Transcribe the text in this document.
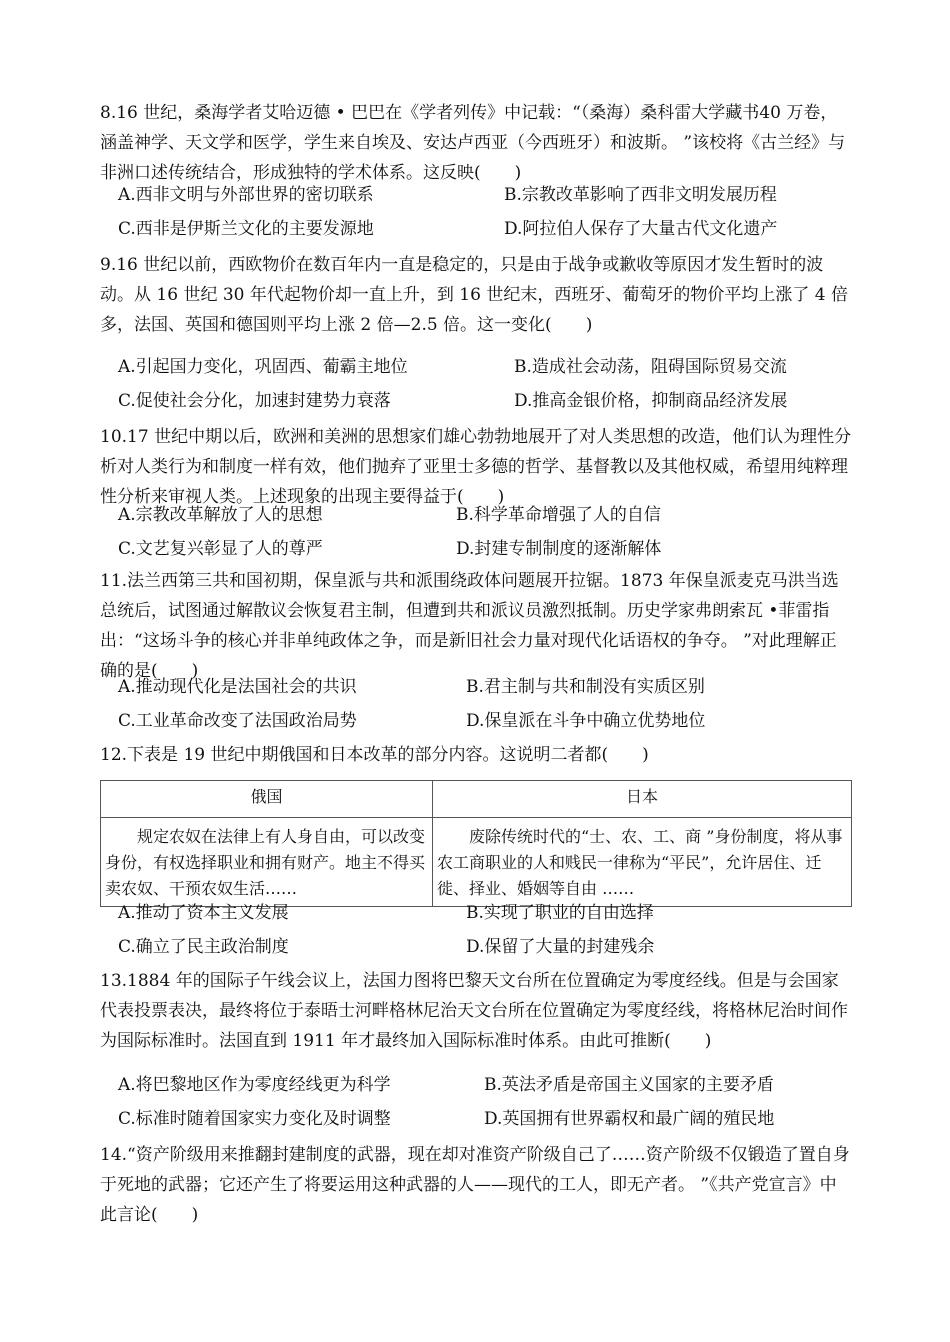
8.16 世纪，桑海学者艾哈迈德 • 巴巴在《学者列传》中记载：“（桑海）桑科雷大学藏书40 万卷，涵盖神学、天文学和医学，学生来自埃及、安达卢西亚（今西班牙）和波斯。 ”该校将《古兰经》与非洲口述传统结合，形成独特的学术体系。这反映(　　)
A.西非文明与外部世界的密切联系	B.宗教改革影响了西非文明发展历程
C.西非是伊斯兰文化的主要发源地	D.阿拉伯人保存了大量古代文化遗产
9.16 世纪以前，西欧物价在数百年内一直是稳定的，只是由于战争或歉收等原因才发生暂时的波动。从 16 世纪 30 年代起物价却一直上升，到 16 世纪末，西班牙、葡萄牙的物价平均上涨了 4 倍多，法国、英国和德国则平均上涨 2 倍—2.5 倍。这一变化(　　)
A.引起国力变化，巩固西、葡霸主地位	B.造成社会动荡，阻碍国际贸易交流
C.促使社会分化，加速封建势力衰落	D.推高金银价格，抑制商品经济发展
10.17 世纪中期以后，欧洲和美洲的思想家们雄心勃勃地展开了对人类思想的改造，他们认为理性分析对人类行为和制度一样有效，他们抛弃了亚里士多德的哲学、基督教以及其他权威，希望用纯粹理性分析来审视人类。上述现象的出现主要得益于(　　)
A.宗教改革解放了人的思想	B.科学革命增强了人的自信
C.文艺复兴彰显了人的尊严	D.封建专制制度的逐渐解体
11.法兰西第三共和国初期，保皇派与共和派围绕政体问题展开拉锯。1873 年保皇派麦克马洪当选总统后，试图通过解散议会恢复君主制，但遭到共和派议员激烈抵制。历史学家弗朗索瓦 •菲雷指出：“这场斗争的核心并非单纯政体之争，而是新旧社会力量对现代化话语权的争夺。 ”对此理解正确的是(　　)
A.推动现代化是法国社会的共识	B.君主制与共和制没有实质区别
C.工业革命改变了法国政治局势	D.保皇派在斗争中确立优势地位
12.下表是 19 世纪中期俄国和日本改革的部分内容。这说明二者都(　　)
俄国	日本
规定农奴在法律上有人身自由，可以改变身份，有权选择职业和拥有财产。地主不得买卖农奴、干预农奴生活……	废除传统时代的“士、农、工、商 ”身份制度，将从事农工商职业的人和贱民一律称为“平民”，允许居住、迁徙、择业、婚姻等自由 ……
A.推动了资本主义发展	B.实现了职业的自由选择
C.确立了民主政治制度	D.保留了大量的封建残余
13.1884 年的国际子午线会议上，法国力图将巴黎天文台所在位置确定为零度经线。但是与会国家代表投票表决，最终将位于泰晤士河畔格林尼治天文台所在位置确定为零度经线，将格林尼治时间作为国际标准时。法国直到 1911 年才最终加入国际标准时体系。由此可推断(　　)
A.将巴黎地区作为零度经线更为科学	B.英法矛盾是帝国主义国家的主要矛盾
C.标准时随着国家实力变化及时调整	D.英国拥有世界霸权和最广阔的殖民地
14.“资产阶级用来推翻封建制度的武器，现在却对准资产阶级自己了……资产阶级不仅锻造了置自身于死地的武器；它还产生了将要运用这种武器的人——现代的工人，即无产者。 ”《共产党宣言》中此言论(　　)
